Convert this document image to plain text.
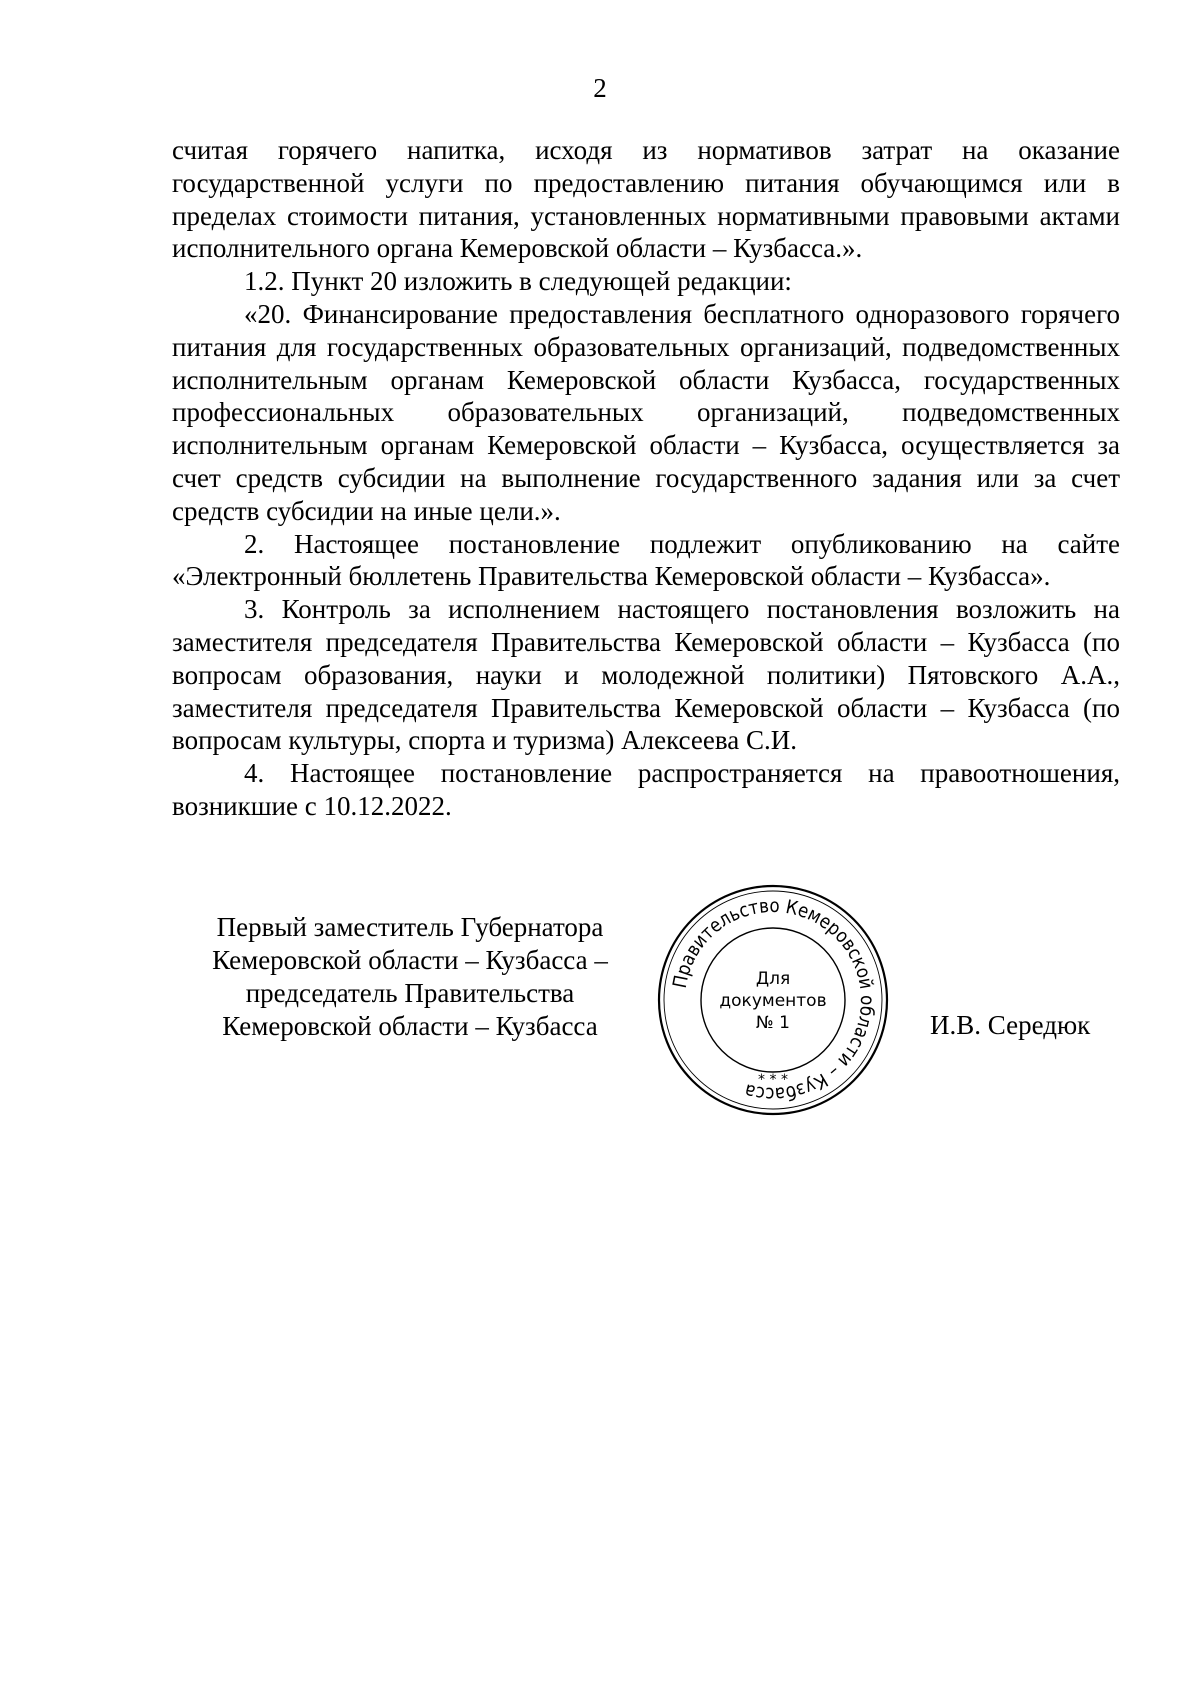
2

считая горячего напитка, исходя из нормативов затрат на оказание государственной услуги по предоставлению питания обучающимся или в пределах стоимости питания, установленных нормативными правовыми актами исполнительного органа Кемеровской области – Кузбасса.».

1.2. Пункт 20 изложить в следующей редакции:

«20. Финансирование предоставления бесплатного одноразового горячего питания для государственных образовательных организаций, подведомственных исполнительным органам Кемеровской области Кузбасса, государственных профессиональных образовательных организаций, подведомственных исполнительным органам Кемеровской области – Кузбасса, осуществляется за счет средств субсидии на выполнение государственного задания или за счет средств субсидии на иные цели.».

2. Настоящее постановление подлежит опубликованию на сайте «Электронный бюллетень Правительства Кемеровской области – Кузбасса».

3. Контроль за исполнением настоящего постановления возложить на заместителя председателя Правительства Кемеровской области – Кузбасса (по вопросам образования, науки и молодежной политики) Пятовского А.А., заместителя председателя Правительства Кемеровской области – Кузбасса (по вопросам культуры, спорта и туризма) Алексеева С.И.

4. Настоящее постановление распространяется на правоотношения, возникшие с 10.12.2022.

Первый заместитель Губернатора
Кемеровской области – Кузбасса –
председатель Правительства
Кемеровской области – Кузбасса
Правительство Кемеровской области – Кузбасса * * *
Для
документов
№ 1	И.В. Середюк
